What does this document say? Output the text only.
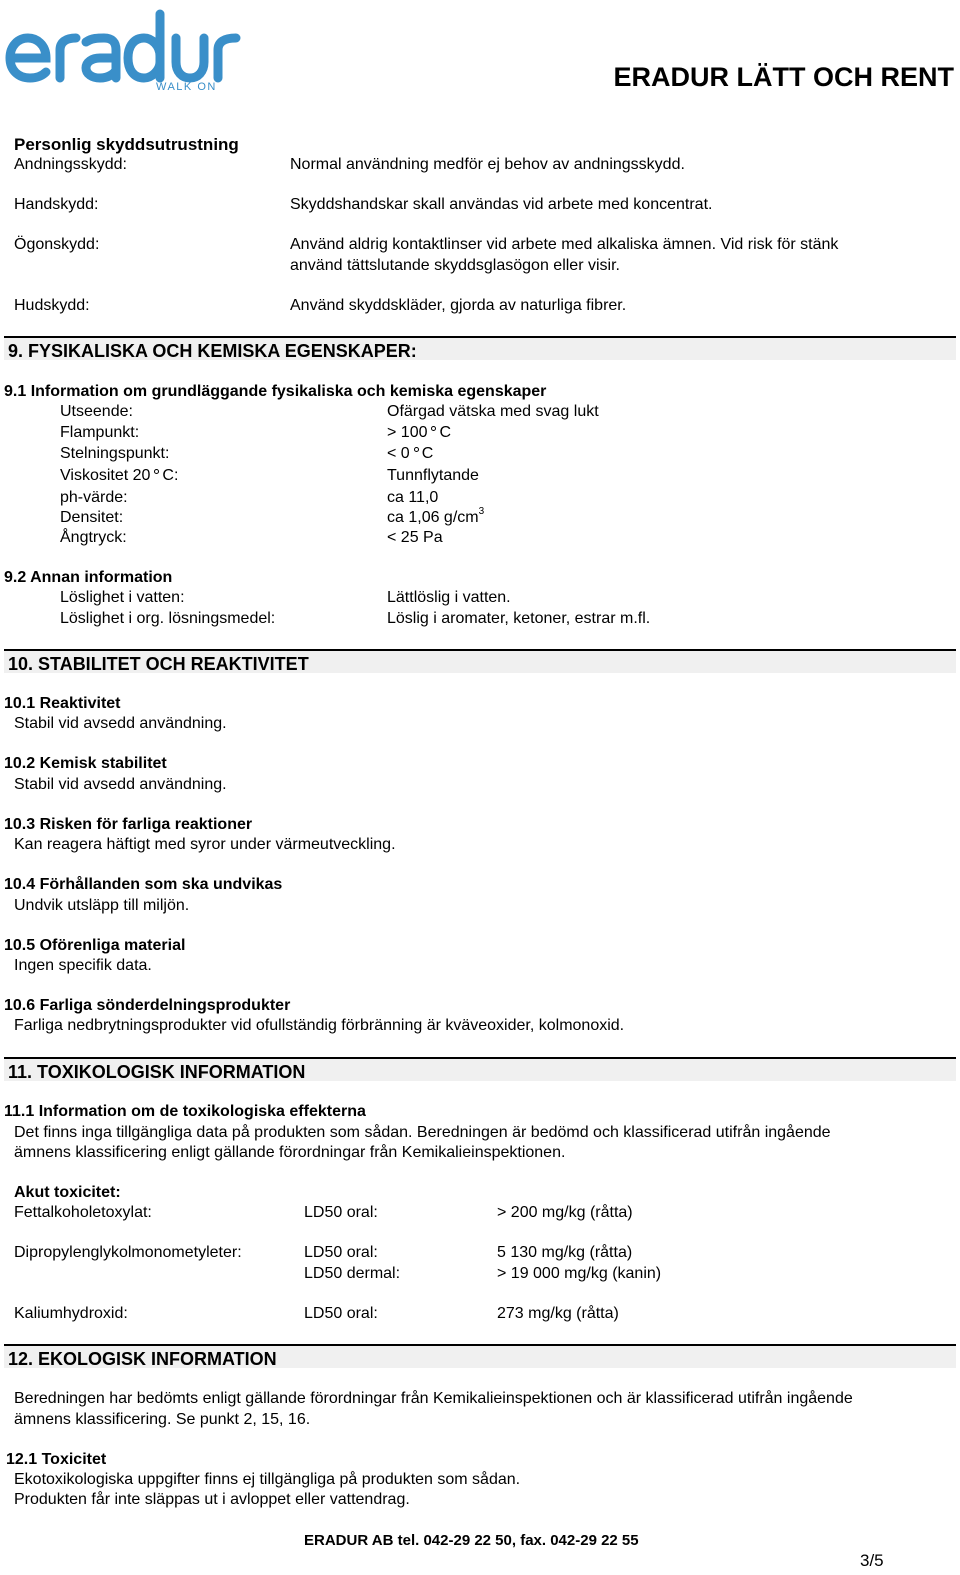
WALK ON	ERADUR LÄTT OCH RENT
Personlig skyddsutrustning
Andningsskydd:	Normal användning medför ej behov av andningsskydd.
Handskydd:	Skyddshandskar skall användas vid arbete med koncentrat.
Ögonskydd:	Använd aldrig kontaktlinser vid arbete med alkaliska ämnen. Vid risk för stänk
använd tättslutande skyddsglasögon eller visir.
Hudskydd:	Använd skyddskläder, gjorda av naturliga fibrer.
9. FYSIKALISKA OCH KEMISKA EGENSKAPER:
9.1 Information om grundläggande fysikaliska och kemiska egenskaper
Utseende:	Ofärgad vätska med svag lukt
Flampunkt:	> 100 C
Stelningspunkt:	< 0 C
Viskositet 20 C:	Tunnflytande
ph-värde:	ca 11,0
Densitet:	ca 1,06 $g/cm^3$
Ångtryck:	< 25 Pa
9.2 Annan information
Löslighet i vatten:	Lättlöslig i vatten.
Löslighet i org. lösningsmedel:	Löslig i aromater, ketoner, estrar m.fl.
10. STABILITET OCH REAKTIVITET
10.1 Reaktivitet
Stabil vid avsedd användning.
10.2 Kemisk stabilitet
Stabil vid avsedd användning.
10.3 Risken för farliga reaktioner
Kan reagera häftigt med syror under värmeutveckling.
10.4 Förhållanden som ska undvikas
Undvik utsläpp till miljön.
10.5 Oförenliga material
Ingen specifik data.
10.6 Farliga sönderdelningsprodukter
Farliga nedbrytningsprodukter vid ofullständig förbränning är kväveoxider, kolmonoxid.
11. TOXIKOLOGISK INFORMATION
11.1 Information om de toxikologiska effekterna
Det finns inga tillgängliga data på produkten som sådan. Beredningen är bedömd och klassificerad utifrån ingående
ämnens klassificering enligt gällande förordningar från Kemikalieinspektionen.
Akut toxicitet:
Fettalkoholetoxylat:	LD50 oral:	> 200 mg/kg (råtta)
Dipropylenglykolmonometyleter:	LD50 oral:	5 130 mg/kg (råtta)
LD50 dermal:	> 19 000 mg/kg (kanin)
Kaliumhydroxid:	LD50 oral:	273 mg/kg (råtta)
12. EKOLOGISK INFORMATION
Beredningen har bedömts enligt gällande förordningar från Kemikalieinspektionen och är klassificerad utifrån ingående
ämnens klassificering. Se punkt 2, 15, 16.
12.1 Toxicitet
Ekotoxikologiska uppgifter finns ej tillgängliga på produkten som sådan.
Produkten får inte släppas ut i avloppet eller vattendrag.
ERADUR AB tel. 042-29 22 50, fax. 042-29 22 55
3/5
